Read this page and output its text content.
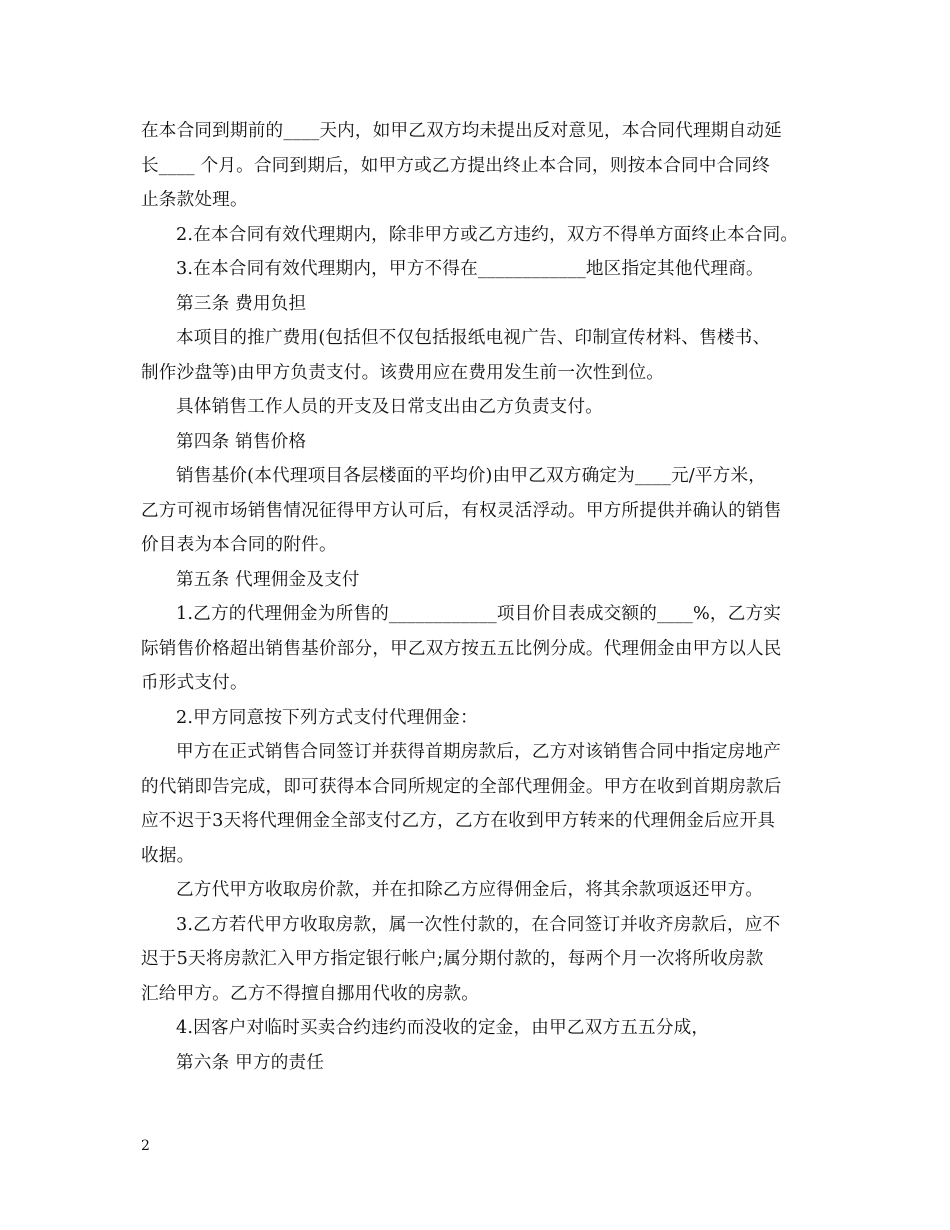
在本合同到期前的____天内，如甲乙双方均未提出反对意见，本合同代理期自动延
长____ 个月。合同到期后，如甲方或乙方提出终止本合同，则按本合同中合同终
止条款处理。
2.在本合同有效代理期内，除非甲方或乙方违约，双方不得单方面终止本合同。
3.在本合同有效代理期内，甲方不得在____________地区指定其他代理商。
第三条 费用负担
本项目的推广费用(包括但不仅包括报纸电视广告、印制宣传材料、售楼书、
制作沙盘等)由甲方负责支付。该费用应在费用发生前一次性到位。
具体销售工作人员的开支及日常支出由乙方负责支付。
第四条 销售价格
销售基价(本代理项目各层楼面的平均价)由甲乙双方确定为____元/平方米，
乙方可视市场销售情况征得甲方认可后，有权灵活浮动。甲方所提供并确认的销售
价目表为本合同的附件。
第五条 代理佣金及支付
1.乙方的代理佣金为所售的____________项目价目表成交额的____%，乙方实
际销售价格超出销售基价部分，甲乙双方按五五比例分成。代理佣金由甲方以人民
币形式支付。
2.甲方同意按下列方式支付代理佣金：
甲方在正式销售合同签订并获得首期房款后，乙方对该销售合同中指定房地产
的代销即告完成，即可获得本合同所规定的全部代理佣金。甲方在收到首期房款后
应不迟于3天将代理佣金全部支付乙方，乙方在收到甲方转来的代理佣金后应开具
收据。
乙方代甲方收取房价款，并在扣除乙方应得佣金后，将其余款项返还甲方。
3.乙方若代甲方收取房款，属一次性付款的，在合同签订并收齐房款后，应不
迟于5天将房款汇入甲方指定银行帐户;属分期付款的，每两个月一次将所收房款
汇给甲方。乙方不得擅自挪用代收的房款。
4.因客户对临时买卖合约违约而没收的定金，由甲乙双方五五分成，
第六条 甲方的责任
2
